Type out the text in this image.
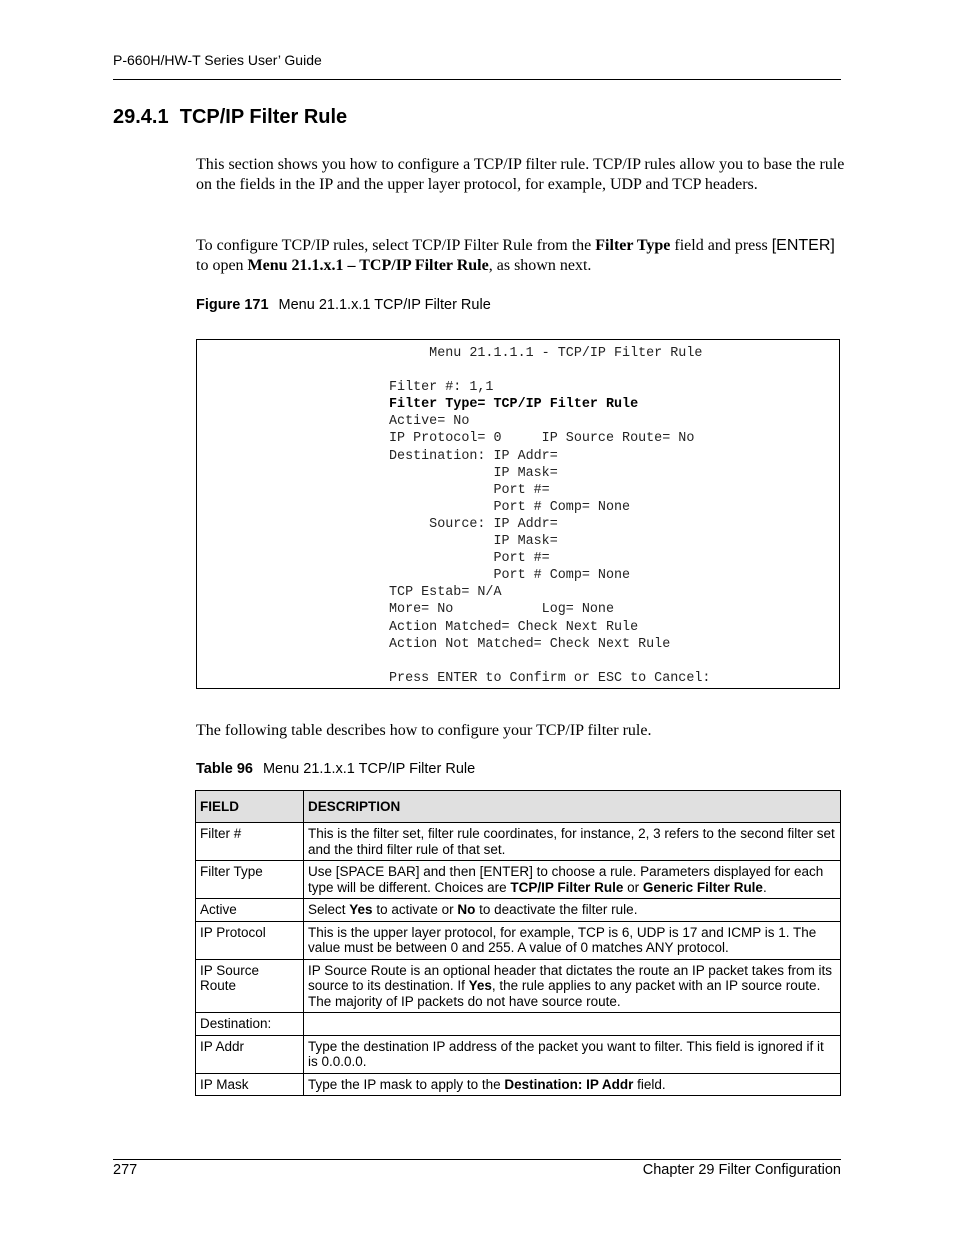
P-660H/HW-T Series User’ Guide
29.4.1 TCP/IP Filter Rule

This section shows you how to configure a TCP/IP filter rule. TCP/IP rules allow you to base the rule on the fields in the IP and the upper layer protocol, for example, UDP and TCP headers.

To configure TCP/IP rules, select TCP/IP Filter Rule from the Filter Type field and press [ENTER] to open Menu 21.1.x.1 – TCP/IP Filter Rule, as shown next.

Figure 171 Menu 21.1.x.1 TCP/IP Filter Rule

Menu 21.1.1.1 - TCP/IP Filter Rule

Filter #: 1,1
Filter Type= TCP/IP Filter Rule
Active= No
IP Protocol= 0     IP Source Route= No
Destination: IP Addr=
IP Mask=
Port #=
Port # Comp= None
Source: IP Addr=
IP Mask=
Port #=
Port # Comp= None
TCP Estab= N/A
More= No           Log= None
Action Matched= Check Next Rule
Action Not Matched= Check Next Rule

Press ENTER to Confirm or ESC to Cancel:

The following table describes how to configure your TCP/IP filter rule.

Table 96 Menu 21.1.x.1 TCP/IP Filter Rule

FIELD	DESCRIPTION
Filter #	This is the filter set, filter rule coordinates, for instance, 2, 3 refers to the second filter set and the third filter rule of that set.
Filter Type	Use [SPACE BAR] and then [ENTER] to choose a rule. Parameters displayed for each type will be different. Choices are TCP/IP Filter Rule or Generic Filter Rule.
Active	Select Yes to activate or No to deactivate the filter rule.
IP Protocol	This is the upper layer protocol, for example, TCP is 6, UDP is 17 and ICMP is 1. The value must be between 0 and 255. A value of 0 matches ANY protocol.
IP Source Route	IP Source Route is an optional header that dictates the route an IP packet takes from its source to its destination. If Yes, the rule applies to any packet with an IP source route. The majority of IP packets do not have source route.
Destination:	
IP Addr	Type the destination IP address of the packet you want to filter. This field is ignored if it is 0.0.0.0.
IP Mask	Type the IP mask to apply to the Destination: IP Addr field.
277	Chapter 29 Filter Configuration
